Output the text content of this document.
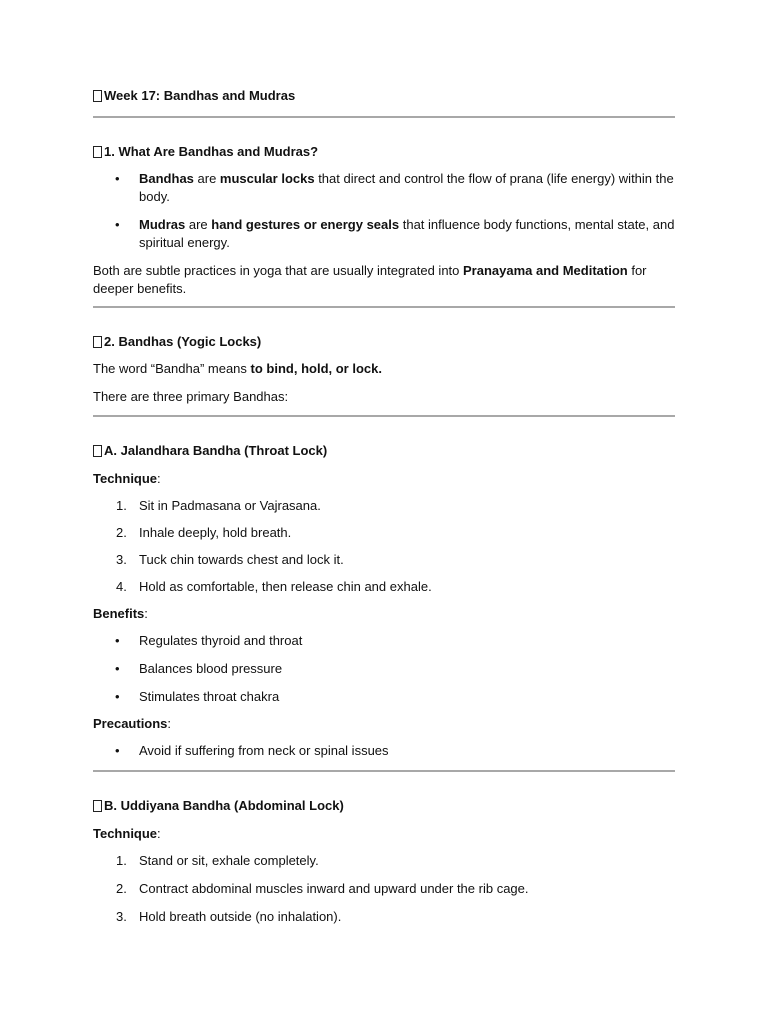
Week 17: Bandhas and Mudras
1. What Are Bandhas and Mudras?
• Bandhas are muscular locks that direct and control the flow of prana (life energy) within the body.
• Mudras are hand gestures or energy seals that influence body functions, mental state, and spiritual energy.

Both are subtle practices in yoga that are usually integrated into Pranayama and Meditation for deeper benefits.

2. Bandhas (Yogic Locks)

The word “Bandha” means to bind, hold, or lock.

There are three primary Bandhas:

A. Jalandhara Bandha (Throat Lock)

Technique:

1. Sit in Padmasana or Vajrasana.
2. Inhale deeply, hold breath.
3. Tuck chin towards chest and lock it.
4. Hold as comfortable, then release chin and exhale.

Benefits:

• Regulates thyroid and throat
• Balances blood pressure
• Stimulates throat chakra

Precautions:

• Avoid if suffering from neck or spinal issues
B. Uddiyana Bandha (Abdominal Lock)

Technique:

1. Stand or sit, exhale completely.
2. Contract abdominal muscles inward and upward under the rib cage.
3. Hold breath outside (no inhalation).
